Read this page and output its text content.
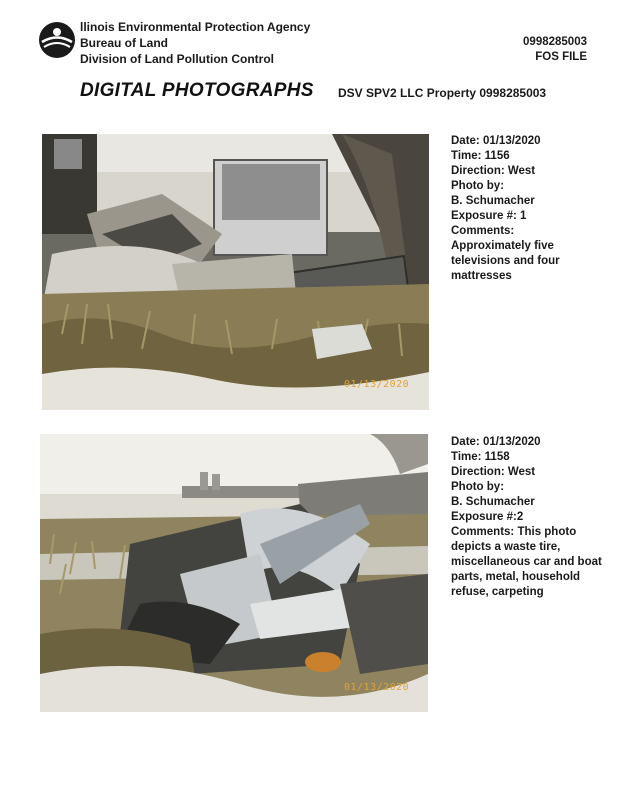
llinois Environmental Protection Agency
Bureau of Land
Division of Land Pollution Control
0998285003
FOS FILE
DIGITAL PHOTOGRAPHS DSV SPV2 LLC Property 0998285003
01/13/2020
Date: 01/13/2020
Time: 1156
Direction: West
Photo by:
B. Schumacher
Exposure #: 1
Comments:
Approximately five televisions and four mattresses
01/13/2020
Date: 01/13/2020
Time: 1158
Direction: West
Photo by:
B. Schumacher
Exposure #:2
Comments: This photo depicts a waste tire, miscellaneous car and boat parts, metal, household refuse, carpeting
